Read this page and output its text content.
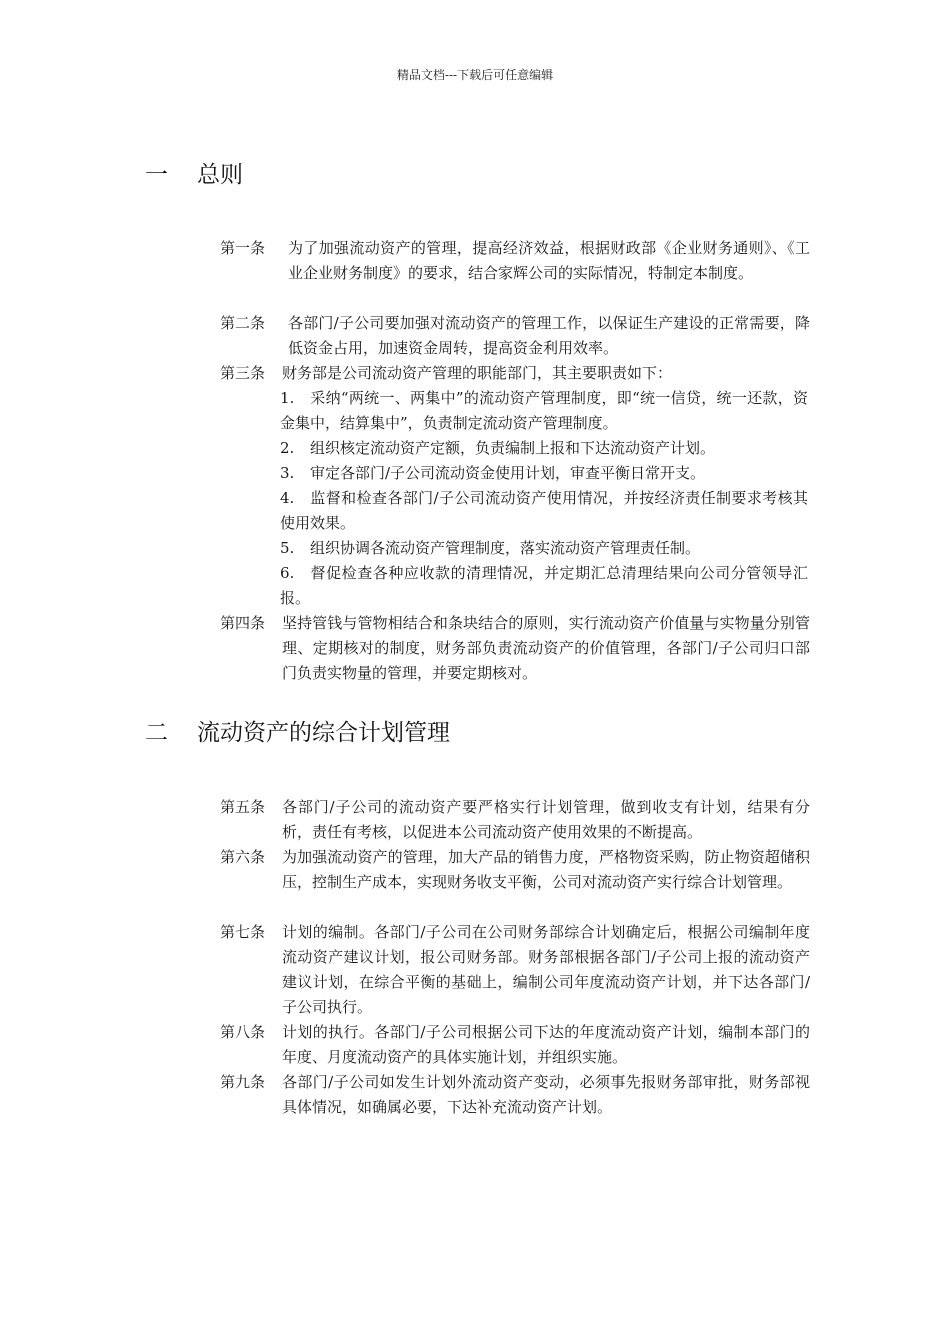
精品文档---下载后可任意编辑
一 总则
第一条	为了加强流动资产的管理，提高经济效益，根据财政部《企业财务通则》、《工业企业财务制度》的要求，结合家辉公司的实际情况，特制定本制度。
第二条	各部门/子公司要加强对流动资产的管理工作，以保证生产建设的正常需要，降低资金占用，加速资金周转，提高资金利用效率。
第三条	财务部是公司流动资产管理的职能部门，其主要职责如下：
1. 采纳“两统一、两集中”的流动资产管理制度，即“统一信贷，统一还款，资金集中，结算集中”，负责制定流动资产管理制度。
2. 组织核定流动资产定额，负责编制上报和下达流动资产计划。
3. 审定各部门/子公司流动资金使用计划，审查平衡日常开支。
4. 监督和检查各部门/子公司流动资产使用情况，并按经济责任制要求考核其使用效果。
5. 组织协调各流动资产管理制度，落实流动资产管理责任制。
6. 督促检查各种应收款的清理情况，并定期汇总清理结果向公司分管领导汇报。
第四条	坚持管钱与管物相结合和条块结合的原则，实行流动资产价值量与实物量分别管理、定期核对的制度，财务部负责流动资产的价值管理，各部门/子公司归口部门负责实物量的管理，并要定期核对。
二 流动资产的综合计划管理
第五条	各部门/子公司的流动资产要严格实行计划管理，做到收支有计划，结果有分析，责任有考核，以促进本公司流动资产使用效果的不断提高。
第六条	为加强流动资产的管理，加大产品的销售力度，严格物资采购，防止物资超储积压，控制生产成本，实现财务收支平衡，公司对流动资产实行综合计划管理。
第七条	计划的编制。各部门/子公司在公司财务部综合计划确定后，根据公司编制年度流动资产建议计划，报公司财务部。财务部根据各部门/子公司上报的流动资产建议计划，在综合平衡的基础上，编制公司年度流动资产计划，并下达各部门/子公司执行。
第八条	计划的执行。各部门/子公司根据公司下达的年度流动资产计划，编制本部门的年度、月度流动资产的具体实施计划，并组织实施。
第九条	各部门/子公司如发生计划外流动资产变动，必须事先报财务部审批，财务部视具体情况，如确属必要，下达补充流动资产计划。
